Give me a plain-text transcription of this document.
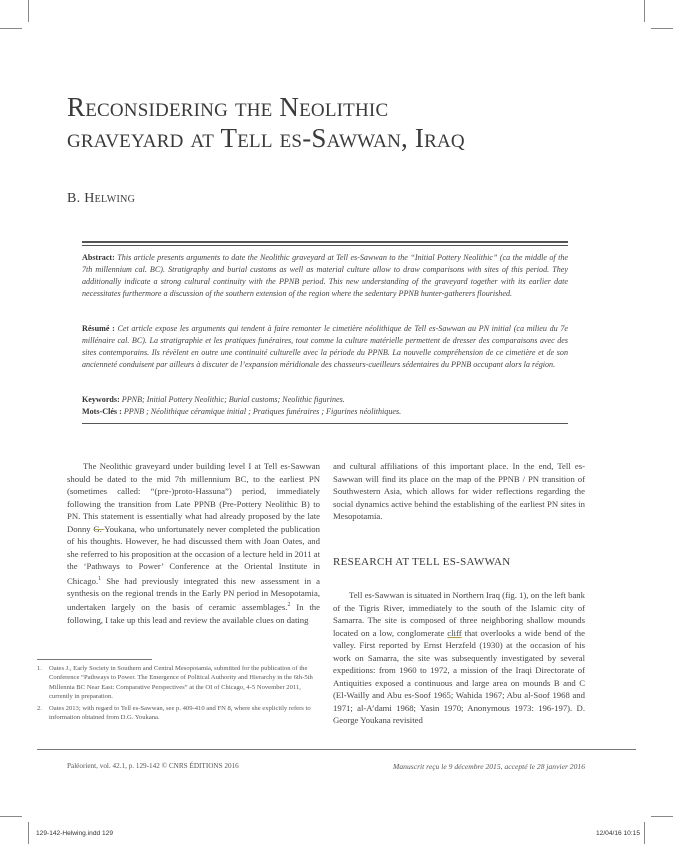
Reconsidering the Neolithic
graveyard at Tell es-Sawwan, Iraq
B. Helwing
Abstract: This article presents arguments to date the Neolithic graveyard at Tell es-Sawwan to the “Initial Pottery Neolithic” (ca the middle of the 7th millennium cal. BC). Stratigraphy and burial customs as well as material culture allow to draw comparisons with sites of this period. They additionally indicate a strong cultural continuity with the PPNB period. This new understanding of the graveyard together with its earlier date necessitates furthermore a discussion of the southern extension of the region where the sedentary PPNB hunter-gatherers flourished.
Résumé : Cet article expose les arguments qui tendent à faire remonter le cimetière néolithique de Tell es-Sawwan au PN initial (ca milieu du 7e millénaire cal. BC). La stratigraphie et les pratiques funéraires, tout comme la culture matérielle permettent de dresser des comparaisons avec des sites contemporains. Ils révèlent en outre une continuité culturelle avec la période du PPNB. La nouvelle compréhension de ce cimetière et de son ancienneté conduisent par ailleurs à discuter de l’expansion méridionale des chasseurs-cueilleurs sédentaires du PPNB occupant alors la région.
Keywords: PPNB; Initial Pottery Neolithic; Burial customs; Neolithic figurines.
Mots-Clés : PPNB ; Néolithique céramique initial ; Pratiques funéraires ; Figurines néolithiques.

The Neolithic graveyard under building level I at Tell es-Sawwan should be dated to the mid 7th millennium BC, to the earliest PN (sometimes called: “(pre-)proto-Hassuna”) period, immediately following the transition from Late PPNB (Pre-Pottery Neolithic B) to PN. This statement is essentially what had already proposed by the late Donny G. Youkana, who unfortunately never completed the publication of his thoughts. However, he had discussed them with Joan Oates, and she referred to his proposition at the occasion of a lecture held in 2011 at the ‘Pathways to Power’ Conference at the Oriental Institute in Chicago.$^1$ She had previously integrated this new assessment in a synthesis on the regional trends in the Early PN period in Mesopotamia, undertaken largely on the basis of ceramic assemblages.$^2$ In the following, I take up this lead and review the available clues on dating

and cultural affiliations of this important place. In the end, Tell es-Sawwan will find its place on the map of the PPNB / PN transition of Southwestern Asia, which allows for wider reflections regarding the social dynamics active behind the establishing of the earliest PN sites in Mesopotamia.

RESEARCH AT TELL ES-SAWWAN

Tell es-Sawwan is situated in Northern Iraq (fig. 1), on the left bank of the Tigris River, immediately to the south of the Islamic city of Samarra. The site is composed of three neighboring shallow mounds located on a low, conglomerate cliff that overlooks a wide bend of the valley. First reported by Ernst Herzfeld (1930) at the occasion of his work on Samarra, the site was subsequently investigated by several expeditions: from 1960 to 1972, a mission of the Iraqi Directorate of Antiquities exposed a continuous and large area on mounds B and C (El-Wailly and Abu es-Soof 1965; Wahida 1967; Abu al-Soof 1968 and 1971; al-A’dami 1968; Yasin 1970; Anonymous 1973: 196-197). D. George Youkana revisited

1.	Oates J., Early Society in Southern and Central Mesopotamia, submitted for the publication of the Conference “Pathways to Power. The Emergence of Political Authority and Hierarchy in the 6th-5th Millennia BC Near East: Comparative Perspectives” at the OI of Chicago, 4-5 November 2011, currently in preparation.
2.	Oates 2013; with regard to Tell es-Sawwan, see p. 409-410 and FN 8, where she explicitly refers to information obtained from D.G. Youkana.
Paléorient, vol. 42.1, p. 129-142 © CNRS ÉDITIONS 2016	Manuscrit reçu le 9 décembre 2015, accepté le 28 janvier 2016
129-142-Helwing.indd 129	12/04/16 10:15
